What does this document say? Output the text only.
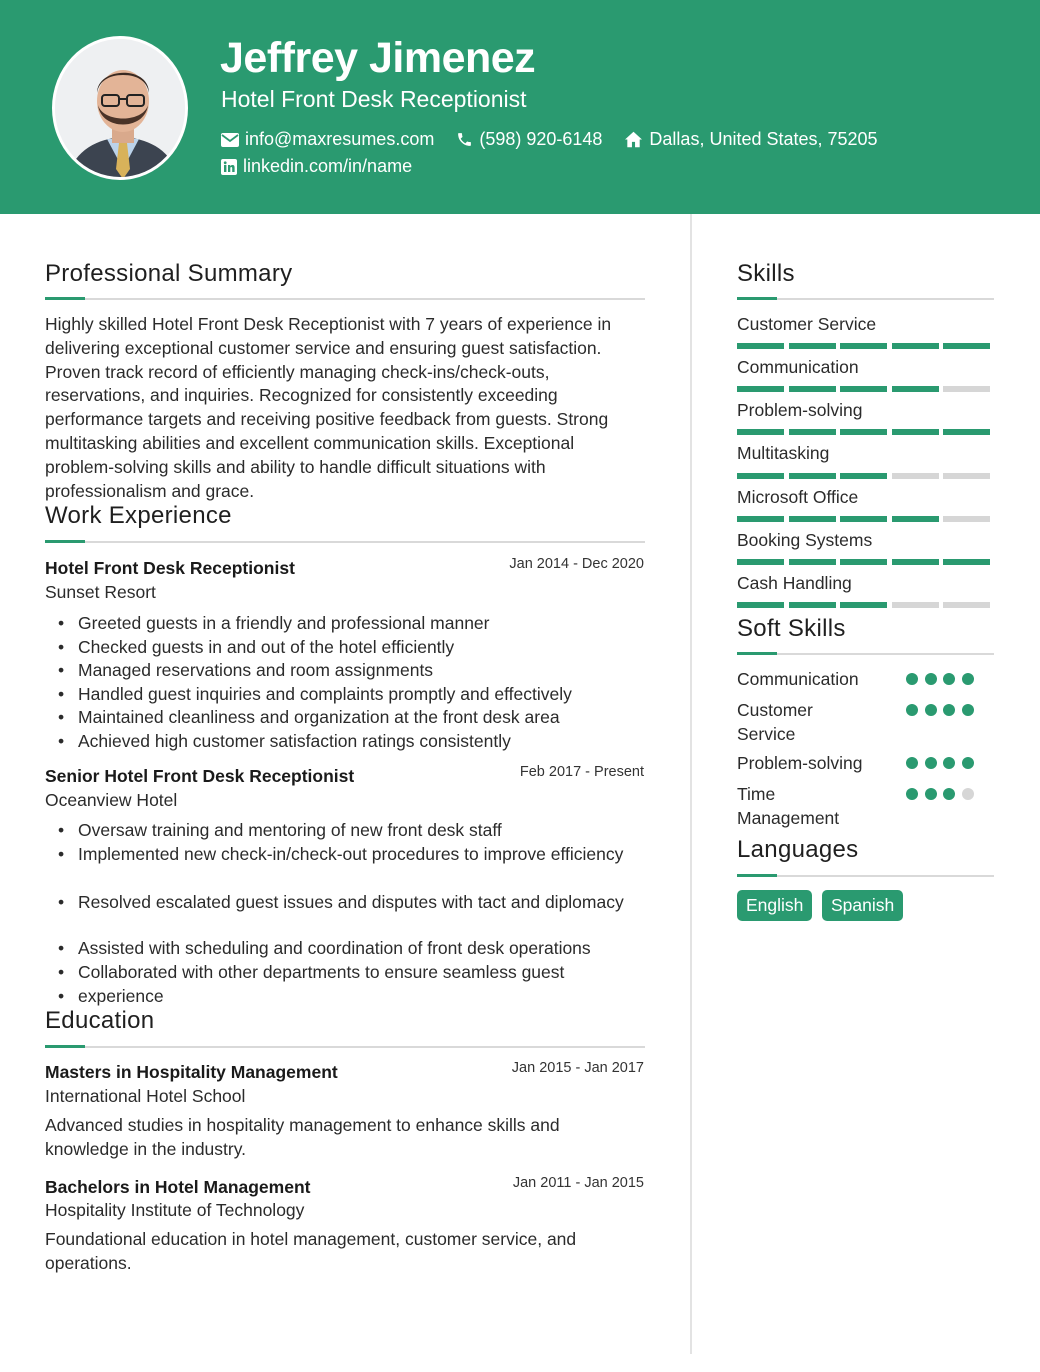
Jeffrey Jimenez
Hotel Front Desk Receptionist
info@maxresumes.com	(598) 920-6148	Dallas, United States, 75205
linkedin.com/in/name
Professional Summary
Highly skilled Hotel Front Desk Receptionist with 7 years of experience in
delivering exceptional customer service and ensuring guest satisfaction.
Proven track record of efficiently managing check-ins/check-outs,
reservations, and inquiries. Recognized for consistently exceeding
performance targets and receiving positive feedback from guests. Strong
multitasking abilities and excellent communication skills. Exceptional
problem-solving skills and ability to handle difficult situations with
professionalism and grace.
Work Experience
Hotel Front Desk Receptionist	Jan 2014 - Dec 2020
Sunset Resort
• Greeted guests in a friendly and professional manner
• Checked guests in and out of the hotel efficiently
• Managed reservations and room assignments
• Handled guest inquiries and complaints promptly and effectively
• Maintained cleanliness and organization at the front desk area
• Achieved high customer satisfaction ratings consistently
Senior Hotel Front Desk Receptionist	Feb 2017 - Present
Oceanview Hotel
• Oversaw training and mentoring of new front desk staff
• Implemented new check-in/check-out procedures to improve efficiency
• Resolved escalated guest issues and disputes with tact and diplomacy
• Assisted with scheduling and coordination of front desk operations
• Collaborated with other departments to ensure seamless guest
• experience
Education
Masters in Hospitality Management	Jan 2015 - Jan 2017
International Hotel School
Advanced studies in hospitality management to enhance skills and
knowledge in the industry.
Bachelors in Hotel Management	Jan 2011 - Jan 2015
Hospitality Institute of Technology
Foundational education in hotel management, customer service, and
operations.
Skills
Customer Service
Communication
Problem-solving
Multitasking
Microsoft Office
Booking Systems
Cash Handling
Soft Skills
Communication
Customer
Service
Problem-solving
Time
Management
Languages
English	Spanish
